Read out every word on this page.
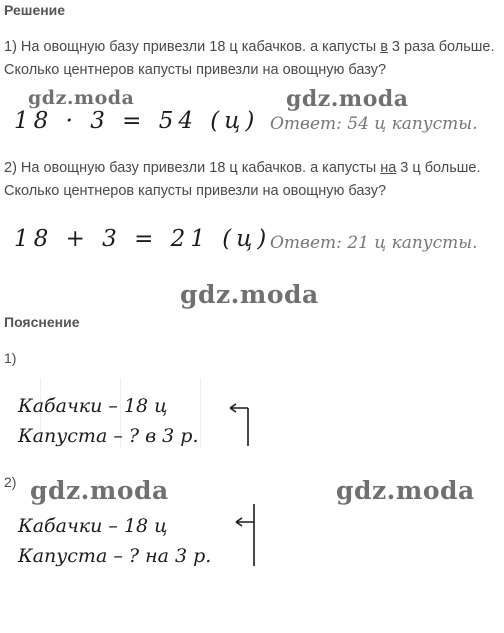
Решение
1) На овощную базу привезли 18 ц кабачков. а капусты в 3 раза больше. Сколько центнеров капусты привезли на овощную базу?
gdz.moda	gdz.moda
18 · 3 = 54 (ц) Ответ: 54 ц капусты.
2) На овощную базу привезли 18 ц кабачков. а капусты на 3 ц больше. Сколько центнеров капусты привезли на овощную базу?
18 + 3 = 21 (ц)
Ответ: 21 ц капусты.
gdz.moda
Пояснение
1)
Кабачки – 18 ц
Капуста – ? в 3 р.
2) gdz.moda	gdz.moda
Кабачки – 18 ц
Капуста – ? на 3 р.
